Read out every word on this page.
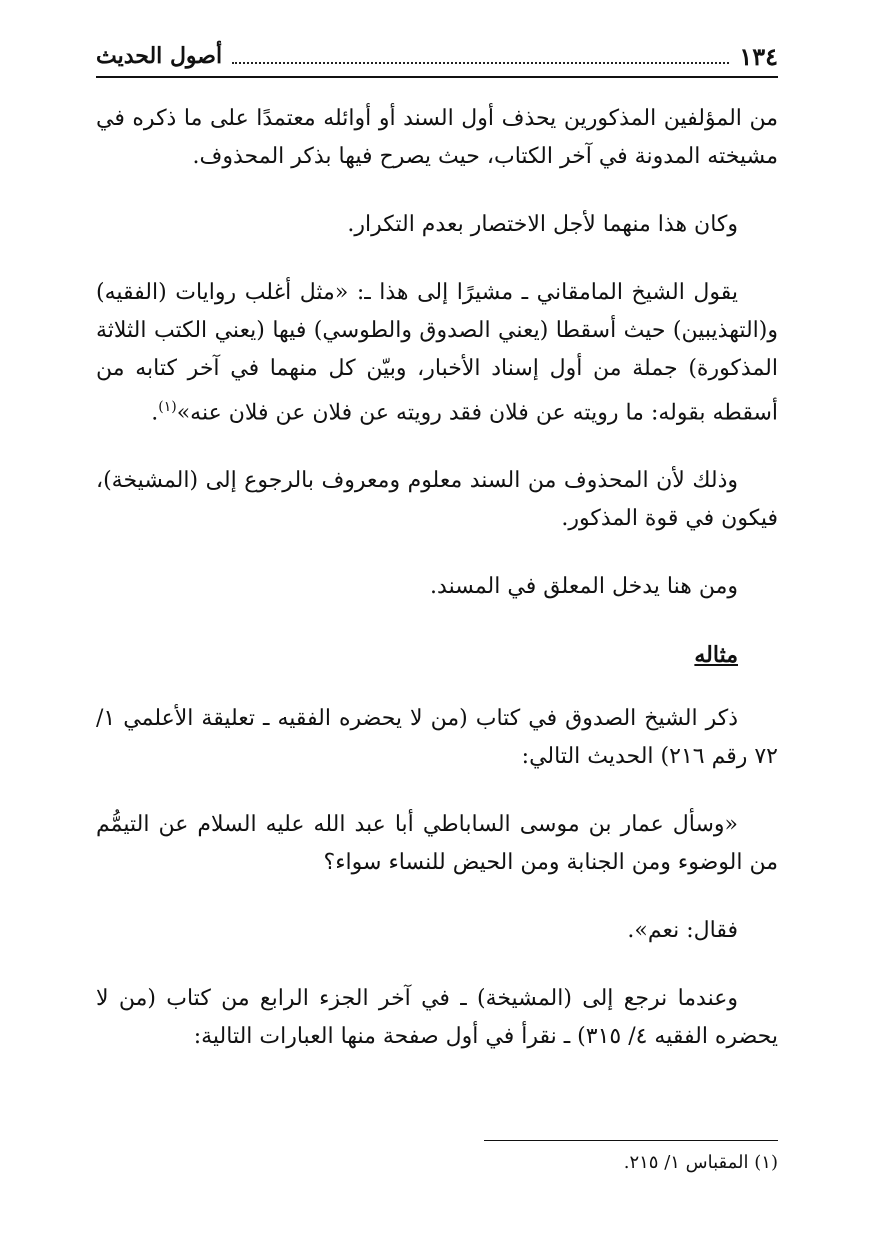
١٣٤
أصول الحديث

من المؤلفين المذكورين يحذف أول السند أو أوائله معتمدًا على ما ذكره في مشيخته المدونة في آخر الكتاب، حيث يصرح فيها بذكر المحذوف.

وكان هذا منهما لأجل الاختصار بعدم التكرار.

يقول الشيخ المامقاني ـ مشيرًا إلى هذا ـ: «مثل أغلب روايات (الفقيه) و(التهذيبين) حيث أسقطا (يعني الصدوق والطوسي) فيها (يعني الكتب الثلاثة المذكورة) جملة من أول إسناد الأخبار، وبيّن كل منهما في آخر كتابه من أسقطه بقوله: ما رويته عن فلان فقد رويته عن فلان عن فلان عنه»$^{(١)}$.

وذلك لأن المحذوف من السند معلوم ومعروف بالرجوع إلى (المشيخة)، فيكون في قوة المذكور.

ومن هنا يدخل المعلق في المسند.

مثاله

ذكر الشيخ الصدوق في كتاب (من لا يحضره الفقيه ـ تعليقة الأعلمي ١/ ٧٢ رقم ٢١٦) الحديث التالي:

«وسأل عمار بن موسى الساباطي أبا عبد الله عليه السلام عن التيمُّم من الوضوء ومن الجنابة ومن الحيض للنساء سواء؟

فقال: نعم».

وعندما نرجع إلى (المشيخة) ـ في آخر الجزء الرابع من كتاب (من لا يحضره الفقيه ٤/ ٣١٥) ـ نقرأ في أول صفحة منها العبارات التالية:

(١) المقباس ١/ ٢١٥.
